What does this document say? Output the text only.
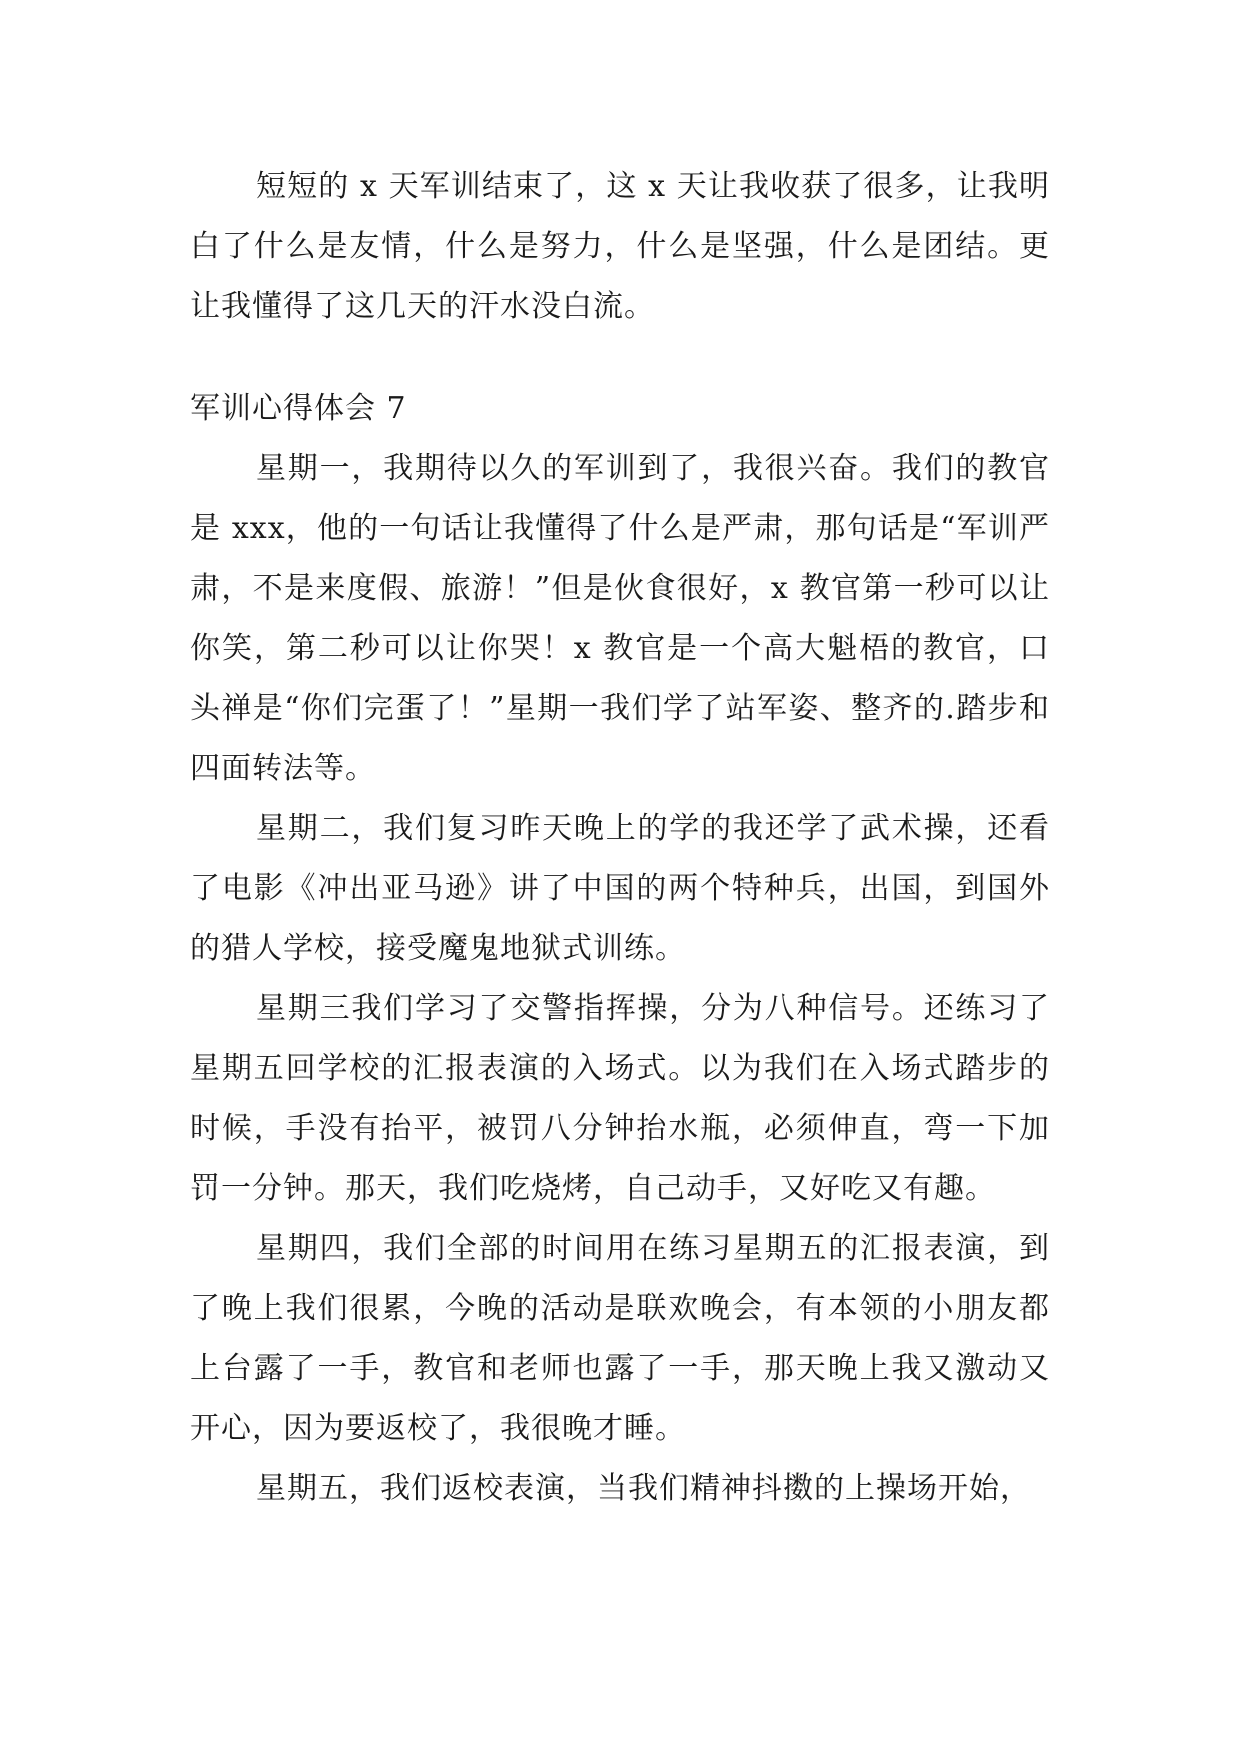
短短的 x 天军训结束了，这 x 天让我收获了很多，让我明白了什么是友情，什么是努力，什么是坚强，什么是团结。更让我懂得了这几天的汗水没白流。

军训心得体会 7

星期一，我期待以久的军训到了，我很兴奋。我们的教官是 xxx，他的一句话让我懂得了什么是严肃，那句话是“军训严肃，不是来度假、旅游！”但是伙食很好，x 教官第一秒可以让你笑，第二秒可以让你哭！x 教官是一个高大魁梧的教官，口头禅是“你们完蛋了！”星期一我们学了站军姿、整齐的.踏步和四面转法等。

星期二，我们复习昨天晚上的学的我还学了武术操，还看了电影《冲出亚马逊》讲了中国的两个特种兵，出国，到国外的猎人学校，接受魔鬼地狱式训练。

星期三我们学习了交警指挥操，分为八种信号。还练习了星期五回学校的汇报表演的入场式。以为我们在入场式踏步的时候，手没有抬平，被罚八分钟抬水瓶，必须伸直，弯一下加罚一分钟。那天，我们吃烧烤，自己动手，又好吃又有趣。

星期四，我们全部的时间用在练习星期五的汇报表演，到了晚上我们很累，今晚的活动是联欢晚会，有本领的小朋友都上台露了一手，教官和老师也露了一手，那天晚上我又激动又开心，因为要返校了，我很晚才睡。

星期五，我们返校表演，当我们精神抖擞的上操场开始，
